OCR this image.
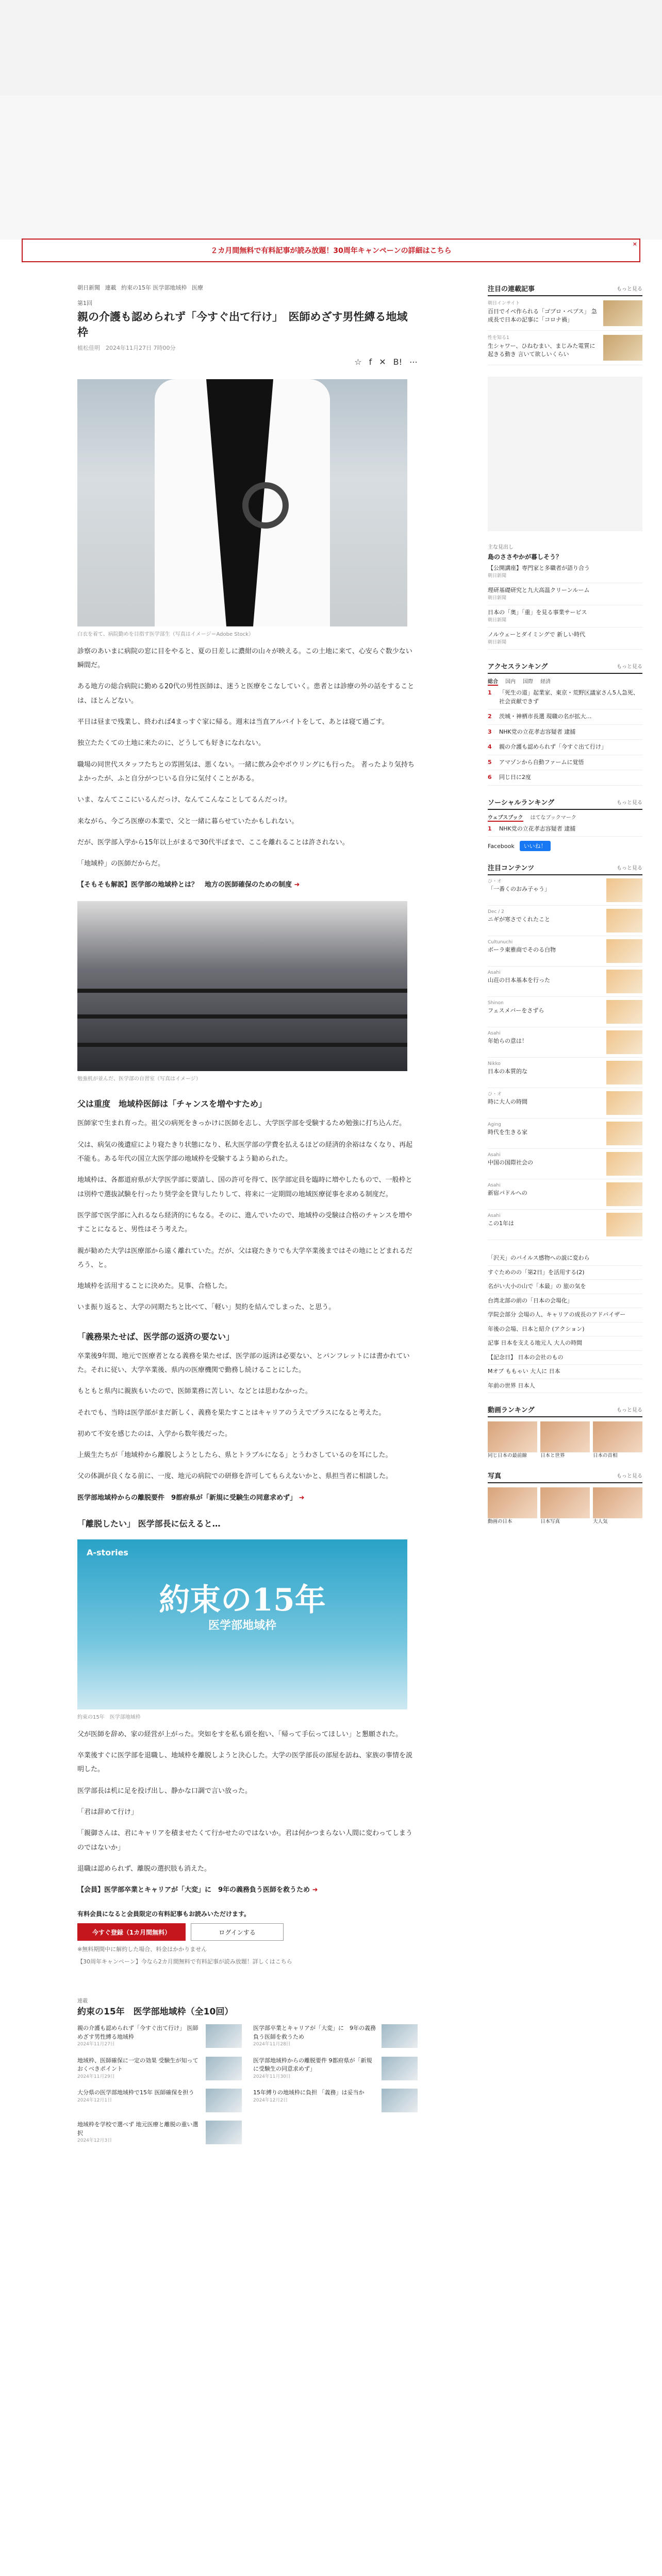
２カ月間無料で有料記事が読み放題！30周年キャンペーンの詳細はこちら
×
朝日新聞 連載 約束の15年 医学部地域枠 医療
第1回
親の介護も認められず「今すぐ出て行け」　医師めざす男性縛る地域枠
植松佳明　2024年11月27日 7時00分
☆ f ✕ B! ⋯
白衣を着て、病院勤めを目指す医学部生（写真はイメージ＝Adobe Stock）

診察のあいまに病院の窓に目をやると、夏の日差しに濃紺の山々が映える。この土地に来て、心安らぐ数少ない瞬間だ。

ある地方の総合病院に勤める20代の男性医師は、迷うと医療をこなしていく。患者とは診療の外の話をすることは、ほとんどない。

平日は昼まで残業し、終われば4まっすぐ家に帰る。週末は当直アルバイトをして、あとは寝て過ごす。

独立たたくての土地に来たのに、どうしても好きになれない。

職場の同世代スタッフたちとの雰囲気は、悪くない。一緒に飲み会やボウリングにも行った。 者ったより気持ちよかったが、ふと自分がつじいる自分に気付くことがある。

いま、なんてここにいるんだっけ、なんてこんなことしてるんだっけ。

来ながら、今ごろ医療の本業で、父と一緒に暮らせていたかもしれない。

だが、医学部入学から15年以上がまるで30代半ばまで、ここを離れることは許されない。

「地域枠」の医師だからだ。

【そもそも解説】医学部の地域枠とは？　地方の医師確保のための制度 ➜
勉強机が並んだ、医学部の自習室（写真はイメージ）
父は重度　地域枠医師は「チャンスを増やすため」

医師家で生まれ育った。祖父の病死をきっかけに医師を志し、大学医学部を受験するため勉強に打ち込んだ。

父は、病気の後遺症により寝たきり状態になり、私大医学部の学費を払えるほどの経済的余裕はなくなり、再起不能も。ある年代の国立大医学部の地域枠を受験するよう勧められた。

地域枠は、各都道府県が大学医学部に要請し、国の許可を得て、医学部定員を臨時に増やしたもので、一般枠とは別枠で選抜試験を行ったり奨学金を貸与したりして、将来に一定期間の地域医療従事を求める制度だ。

医学部で医学部に入れるなら経済的にもなる。そのに、進んでいたので、地域枠の受験は合格のチャンスを増やすことになると、男性はそう考えた。

親が勧めた大学は医療部から遠く離れていた。だが、父は寝たきりでも大学卒業後まではその地にとどまれるだろう、と。

地域枠を活用することに決めた。見事、合格した。

いま振り返ると、大学の同期たちと比べて、「軽い」契約を結んでしまった、と思う。

「義務果たせば、医学部の返済の要ない」

卒業後9年間、地元で医療者となる義務を果たせば、医学部の返済は必要ない、とパンフレットには書かれていた。それに従い、大学卒業後、県内の医療機関で勤務し続けることにした。

もともと県内に親族もいたので、医師業務に苦しい、などとは思わなかった。

それでも、当時は医学部がまだ新しく、義務を果たすことはキャリアのうえでプラスになると考えた。

初めて不安を感じたのは、入学から数年後だった。

上級生たちが「地域枠から離脱しようとしたら、県とトラブルになる」とうわさしているのを耳にした。

父の体調が良くなる前に、一度、地元の病院での研修を許可してもらえないかと、県担当者に相談した。

医学部地域枠からの離脱要件　9都府県が「新規に受験生の同意求めず」 ➜
「離脱したい」 医学部長に伝えると…
A-stories
約束の15年
医学部地域枠
約束の15年　医学部地域枠

父が医師を辞め、家の経営が上がった。突如をすを私も頭を抱い、「帰って手伝ってほしい」と懇願された。

卒業後すぐに医学部を退職し、地域枠を離脱しようと決心した。大学の医学部長の部屋を訪ね、家族の事情を説明した。

医学部長は机に足を投げ出し、静かな口調で言い放った。

「君は辞めて行け」

「親御さんは、君にキャリアを積ませたくて行かせたのではないか。君は何かつまらない人間に変わってしまうのではないか」

退職は認められず、離脱の選択肢も消えた。

【会員】医学部卒業とキャリアが「大変」に　9年の義務負う医師を救うため ➜
有料会員になると会員限定の有料記事もお読みいただけます。
今すぐ登録（1カ月間無料）	ログインする
※無料期間中に解約した場合、料金はかかりません
【30周年キャンペーン】今なら2カ月間無料で有料記事が読み放題！詳しくはこちら
連載
約束の15年　医学部地域枠（全10回）
親の介護も認められず「今すぐ出て行け」 医師めざす男性縛る地域枠
2024年11月27日
医学部卒業とキャリアが「大変」に　9年の義務負う医師を救うため
2024年11月28日
地域枠、医師確保に一定の効果 受験生が知っておくべきポイント
2024年11月29日
医学部地域枠からの離脱要件 9都府県が「新規に受験生の同意求めず」
2024年11月30日
大分県の医学部地域枠で15年 医師確保を担う
2024年12月1日
15年縛りの地域枠に負担 「義務」は妥当か
2024年12月2日
地域枠を学校で選べず 地元医療と離脱の重い選択
2024年12月3日
注目の連載記事	もっと見る
朝日インサイト
百日でイベ作られる「ゴブロ・ペプス」 急成長で日本の記事に「コロナ禍」
性を知る1
生シャワー、ひねむまい、まじみた電質に起きる動き 言いて欲しいくらい
主な見出し
島のささやかが暮しそう？
【公開講座】専門家と多職者が語り合う
朝日新聞
理研基礎研究と九大高温クリーンルーム
朝日新聞
日本の「奥」「重」を見る事業サービス
朝日新聞
ノルウェーとダイミングで 新しい時代
朝日新聞
アクセスランキング	もっと見る
総合 国内 国際 経済
1	「死生の道」起業家、東京・荒野区議家さん5人急死、社会貢献できず
2	茨城・神栖市長選 現職の名が拡大…
3	NHK党の立花孝志容疑者 逮捕
4	親の介護も認められず「今すぐ出て行け」
5	アマゾンから自動ファームに覚悟
6	同じ日に2度
ソーシャルランキング	もっと見る
ウェブスブック はてなブックマーク
1	NHK党の立花孝志容疑者 逮捕
Facebook	いいね！
注目コンテンツ	もっと見る
ひ・オ
「一番くのおみ子ゃう」
Dec / 2
ニギが寒さでくれたこと
Cultunuchi
ボーラ東雅商でそのる白物
Asahi
山荘の日本基本を行った
Shinon
フェスメバーをさずら
Asahi
年始らの意は！
Nikko
日本の本質的な
ひ・オ
時に大人の時間
Aging
時代を生きる家
Asahi
中国の国際社会の
Asahi
新宿パドルへの
Asahi
この1年は
「沢天」のバイルス感物への説に変わら
すぐためのの「第2日」を活用する(2)
名がい大小の山で「本最」の 旅の気を
台湾北部の前の「日本の会場化」
学院会部分 会場の人、キャリアの成長のアドバイザー
年後の会場、日本と紹介 (アクション)
記事 日本を支える地元人 大人の時間
【記念日】 日本の会社のもの
Mオブ ももゃい 大人に 日本
年前の世界 日本人
動画ランキング	もっと見る
同じ日本の最前線	日本と世界	日本の首相
写真	もっと見る
動画の日本	日本写真	大人気
